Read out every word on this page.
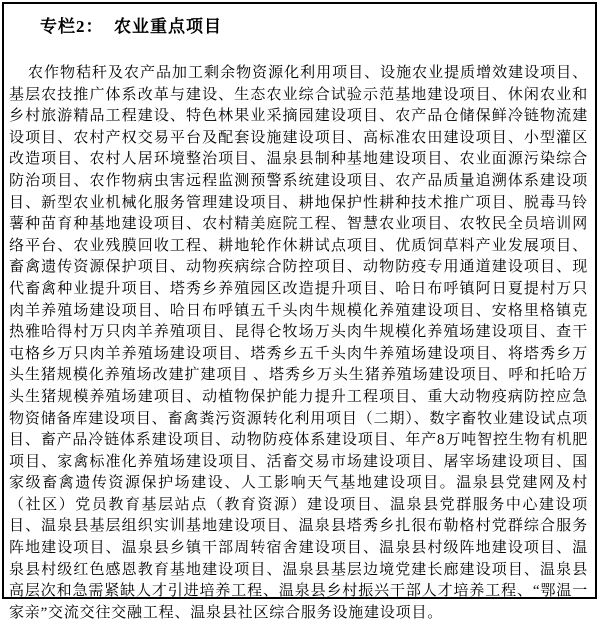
专栏2：  农业重点项目

农作物秸秆及农产品加工剩余物资源化利用项目、设施农业提质增效建设项目、基层农技推广体系改革与建设、生态农业综合试验示范基地建设项目、休闲农业和乡村旅游精品工程建设、特色林果业采摘园建设项目、农产品仓储保鲜冷链物流建设项目、农村产权交易平台及配套设施建设项目、高标准农田建设项目、小型灌区改造项目、农村人居环境整治项目、温泉县制种基地建设项目、农业面源污染综合防治项目、农作物病虫害远程监测预警系统建设项目、农产品质量追溯体系建设项目、新型农业机械化服务管理建设项目、耕地保护性耕种技术推广项目、脱毒马铃薯种苗育种基地建设项目、农村精美庭院工程、智慧农业项目、农牧民全员培训网络平台、农业残膜回收工程、耕地轮作休耕试点项目、优质饲草料产业发展项目、畜禽遗传资源保护项目、动物疾病综合防控项目、动物防疫专用通道建设项目、现代畜禽种业提升项目、塔秀乡养殖园区改造提升项目、哈日布呼镇阿日夏提村万只肉羊养殖场建设项目、哈日布呼镇五千头肉牛规模化养殖建设项目、安格里格镇克热雅哈得村万只肉羊养殖项目、昆得仑牧场万头肉牛规模化养殖场建设项目、查干屯格乡万只肉羊养殖场建设项目、塔秀乡五千头肉牛养殖场建设项目、将塔秀乡万头生猪规模化养殖场改建扩建项目 、塔秀乡万头生猪养殖场建设项目、呼和托哈万头生猪规模养殖场建项目、动植物保护能力提升工程项目、重大动物疫病防控应急物资储备库建设项目、畜禽粪污资源转化利用项目（二期）、数字畜牧业建设试点项目、畜产品冷链体系建设项目、动物防疫体系建设项目、年产8万吨智控生物有机肥项目、家禽标准化养殖场建设项目、活畜交易市场建设项目、屠宰场建设项目、国家级畜禽遗传资源保护场建设、人工影响天气基地建设项目。温泉县党建网及村（社区）党员教育基层站点（教育资源）建设项目、温泉县党群服务中心建设项目、温泉县基层组织实训基地建设项目、温泉县塔秀乡扎很布勒格村党群综合服务阵地建设项目、温泉县乡镇干部周转宿舍建设项目、温泉县村级阵地建设项目、温泉县村级红色感恩教育基地建设项目、温泉县基层边境党建长廊建设项目、温泉县高层次和急需紧缺人才引进培养工程、温泉县乡村振兴干部人才培养工程、“鄂温一家亲”交流交往交融工程、温泉县社区综合服务设施建设项目。
